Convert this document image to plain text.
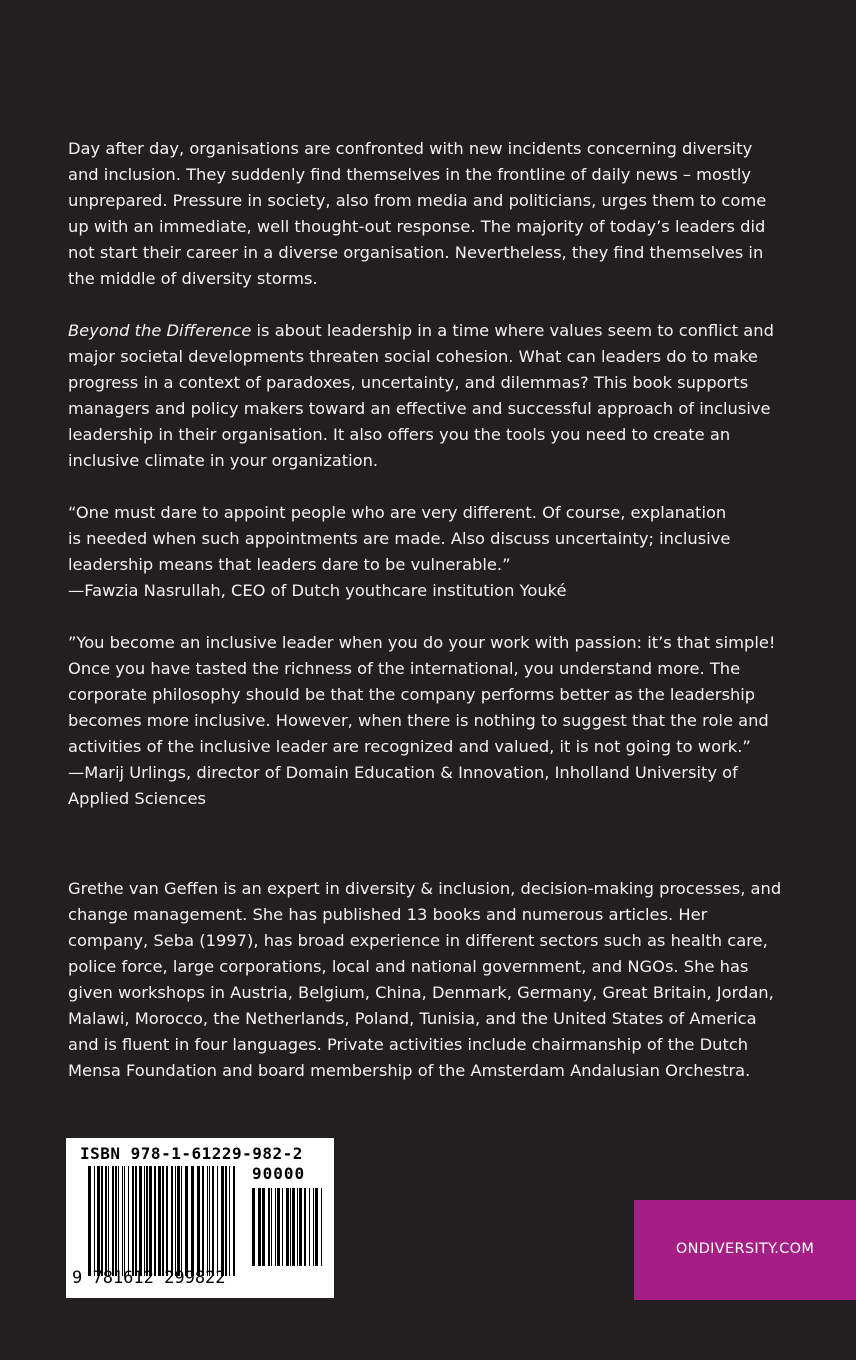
Day after day, organisations are confronted with new incidents concerning diversity and inclusion. They suddenly find themselves in the frontline of daily news – mostly unprepared. Pressure in society, also from media and politicians, urges them to come up with an immediate, well thought-out response. The majority of today’s leaders did not start their career in a diverse organisation. Nevertheless, they find themselves in the middle of diversity storms.

Beyond the Difference is about leadership in a time where values seem to conflict and major societal developments threaten social cohesion. What can leaders do to make progress in a context of paradoxes, uncertainty, and dilemmas? This book supports managers and policy makers toward an effective and successful approach of inclusive leadership in their organisation. It also offers you the tools you need to create an inclusive climate in your organization.

“One must dare to appoint people who are very different. Of course, explanation is needed when such appointments are made. Also discuss uncertainty; inclusive leadership means that leaders dare to be vulnerable.”

—Fawzia Nasrullah, CEO of Dutch youthcare institution Youké

”You become an inclusive leader when you do your work with passion: it’s that simple! Once you have tasted the richness of the international, you understand more. The corporate philosophy should be that the company performs better as the leadership becomes more inclusive. However, when there is nothing to suggest that the role and activities of the inclusive leader are recognized and valued, it is not going to work.”

—Marij Urlings, director of Domain Education & Innovation, Inholland University of Applied Sciences

Grethe van Geffen is an expert in diversity & inclusion, decision-making processes, and change management. She has published 13 books and numerous articles. Her company, Seba (1997), has broad experience in different sectors such as health care, police force, large corporations, local and national government, and NGOs. She has given workshops in Austria, Belgium, China, Denmark, Germany, Great Britain, Jordan, Malawi, Morocco, the Netherlands, Poland, Tunisia, and the United States of America and is fluent in four languages. Private activities include chairmanship of the Dutch Mensa Foundation and board membership of the Amsterdam Andalusian Orchestra.

ISBN 978-1-61229-982-2
90000
9 781612 299822
ONDIVERSITY.COM
